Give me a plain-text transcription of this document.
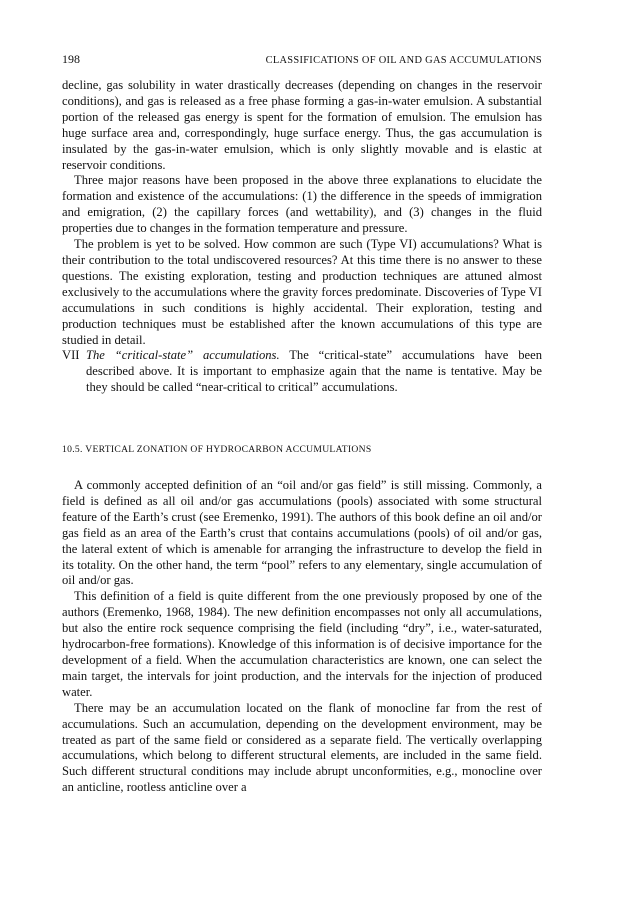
198	CLASSIFICATIONS OF OIL AND GAS ACCUMULATIONS

decline, gas solubility in water drastically decreases (depending on changes in the reservoir conditions), and gas is released as a free phase forming a gas-in-water emulsion. A substantial portion of the released gas energy is spent for the formation of emulsion. The emulsion has huge surface area and, correspondingly, huge surface energy. Thus, the gas accumulation is insulated by the gas-in-water emulsion, which is only slightly movable and is elastic at reservoir conditions.

Three major reasons have been proposed in the above three explanations to elucidate the formation and existence of the accumulations: (1) the difference in the speeds of immigration and emigration, (2) the capillary forces (and wettability), and (3) changes in the fluid properties due to changes in the formation temperature and pressure.

The problem is yet to be solved. How common are such (Type VI) accumulations? What is their contribution to the total undiscovered resources? At this time there is no answer to these questions. The existing exploration, testing and production techniques are attuned almost exclusively to the accumulations where the gravity forces predominate. Discoveries of Type VI accumulations in such conditions is highly accidental. Their exploration, testing and production techniques must be established after the known accumulations of this type are studied in detail.

VII The “critical-state” accumulations. The “critical-state” accumulations have been described above. It is important to emphasize again that the name is tentative. May be they should be called “near-critical to critical” accumulations.
10.5. VERTICAL ZONATION OF HYDROCARBON ACCUMULATIONS

A commonly accepted definition of an “oil and/or gas field” is still missing. Commonly, a field is defined as all oil and/or gas accumulations (pools) associated with some structural feature of the Earth’s crust (see Eremenko, 1991). The authors of this book define an oil and/or gas field as an area of the Earth’s crust that contains accumulations (pools) of oil and/or gas, the lateral extent of which is amenable for arranging the infrastructure to develop the field in its totality. On the other hand, the term “pool” refers to any elementary, single accumulation of oil and/or gas.

This definition of a field is quite different from the one previously proposed by one of the authors (Eremenko, 1968, 1984). The new definition encompasses not only all accumulations, but also the entire rock sequence comprising the field (including “dry”, i.e., water-saturated, hydrocarbon-free formations). Knowledge of this information is of decisive importance for the development of a field. When the accumulation characteristics are known, one can select the main target, the intervals for joint production, and the intervals for the injection of produced water.

There may be an accumulation located on the flank of monocline far from the rest of accumulations. Such an accumulation, depending on the development environment, may be treated as part of the same field or considered as a separate field. The vertically overlapping accumulations, which belong to different structural elements, are included in the same field. Such different structural conditions may include abrupt unconformities, e.g., monocline over an anticline, rootless anticline over a
